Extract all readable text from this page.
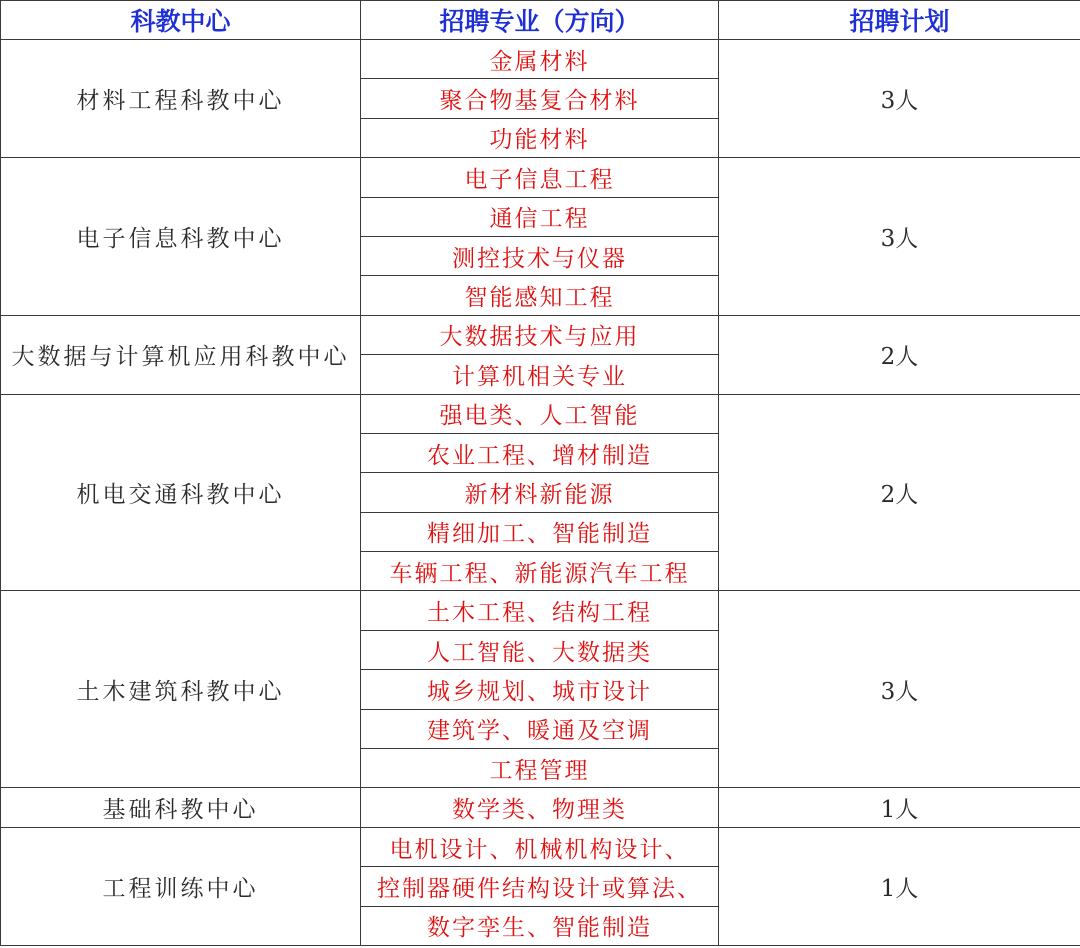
科教中心	招聘专业（方向）	招聘计划
材料工程科教中心	金属材料	3人
	聚合物基复合材料	
	功能材料	
电子信息科教中心	电子信息工程	3人
	通信工程	
	测控技术与仪器	
	智能感知工程	
大数据与计算机应用科教中心	大数据技术与应用	2人
	计算机相关专业	
机电交通科教中心	强电类、人工智能	2人
	农业工程、增材制造	
	新材料新能源	
	精细加工、智能制造	
	车辆工程、新能源汽车工程	
土木建筑科教中心	土木工程、结构工程	3人
	人工智能、大数据类	
	城乡规划、城市设计	
	建筑学、暖通及空调	
	工程管理	
基础科教中心	数学类、物理类	1人
工程训练中心	电机设计、机械机构设计、	1人
	控制器硬件结构设计或算法、	
	数字孪生、智能制造	
